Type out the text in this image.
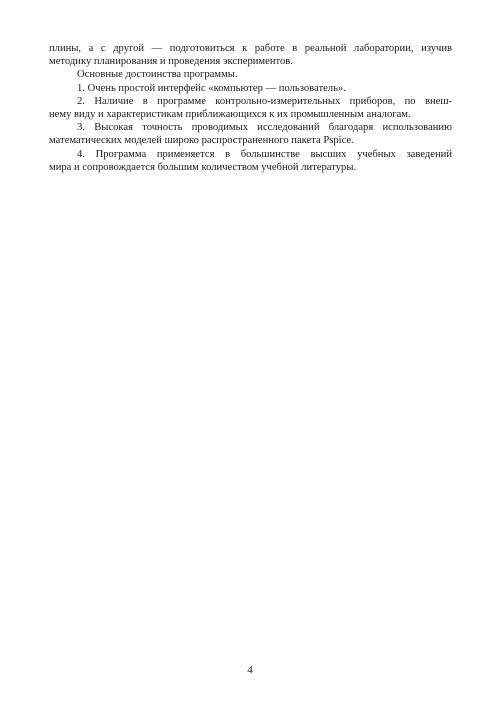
плины, а с другой — подготовиться к работе в реальной лаборатории, изучив
методику планирования и проведения экспериментов.
Основные достоинства программы.
1. Очень простой интерфейс «компьютер — пользователь».
2. Наличие в программе контрольно-измерительных приборов, по внеш-
нему виду и характеристикам приближающихся к их промышленным аналогам.
3. Высокая точность проводимых исследований благодаря использованию
математических моделей широко распространенного пакета Pspice.
4. Программа применяется в большинстве высших учебных заведений
мира и сопровождается большим количеством учебной литературы.
4
